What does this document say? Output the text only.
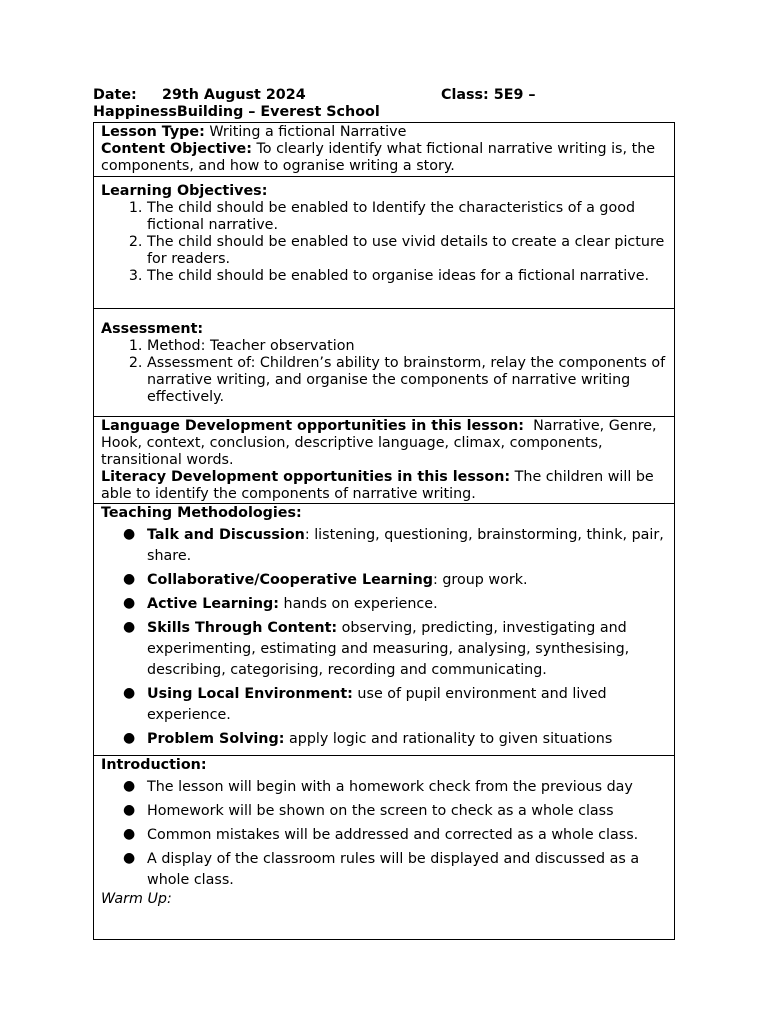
Date: 29th August 2024	Class: 5E9 –
HappinessBuilding – Everest School
Lesson Type: Writing a fictional Narrative
Content Objective: To clearly identify what fictional narrative writing is, the components, and how to ogranise writing a story.

Learning Objectives:
1. The child should be enabled to Identify the characteristics of a good fictional narrative.
2. The child should be enabled to use vivid details to create a clear picture for readers.
3. The child should be enabled to organise ideas for a fictional narrative.

Assessment:
1. Method: Teacher observation
2. Assessment of: Children’s ability to brainstorm, relay the components of narrative writing, and organise the components of narrative writing effectively.

Language Development opportunities in this lesson: Narrative, Genre, Hook, context, conclusion, descriptive language, climax, components, transitional words.
Literacy Development opportunities in this lesson: The children will be able to identify the components of narrative writing.

Teaching Methodologies:
● Talk and Discussion: listening, questioning, brainstorming, think, pair, share.
● Collaborative/Cooperative Learning: group work.
● Active Learning: hands on experience.
● Skills Through Content: observing, predicting, investigating and experimenting, estimating and measuring, analysing, synthesising, describing, categorising, recording and communicating.
● Using Local Environment: use of pupil environment and lived experience.
● Problem Solving: apply logic and rationality to given situations

Introduction:
● The lesson will begin with a homework check from the previous day
● Homework will be shown on the screen to check as a whole class
● Common mistakes will be addressed and corrected as a whole class.
● A display of the classroom rules will be displayed and discussed as a whole class.
Warm Up:
